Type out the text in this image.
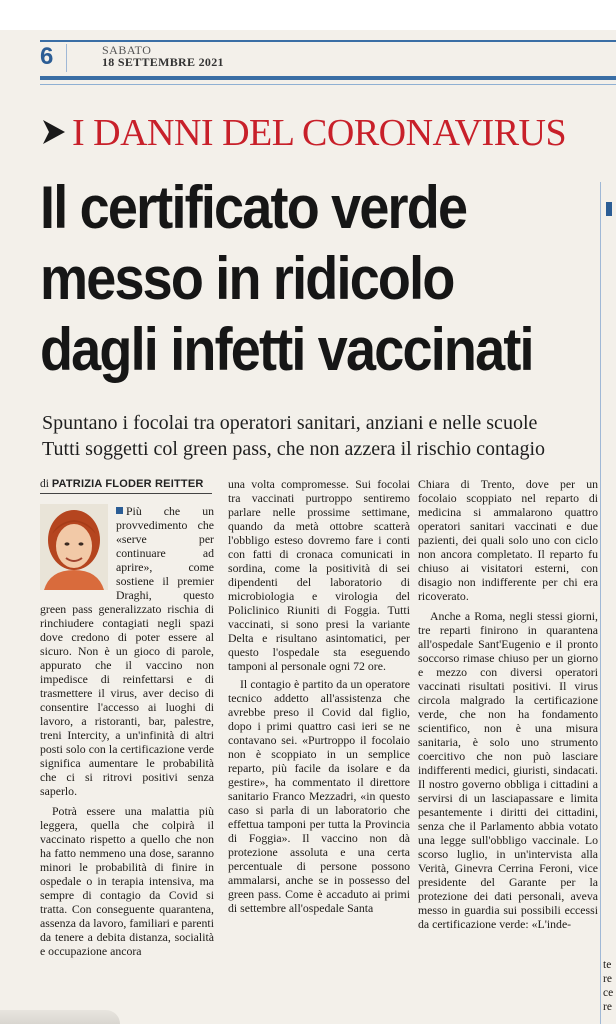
6	SABATO
18 SETTEMBRE 2021
I DANNI DEL CORONAVIRUS
Il certificato verde
messo in ridicolo
dagli infetti vaccinati
Spuntano i focolai tra operatori sanitari, anziani e nelle scuole
Tutti soggetti col green pass, che non azzera il rischio contagio
di PATRIZIA FLODER REITTER

Più che un provvedimento che «serve per continuare ad aprire», come sostiene il premier Draghi, questo green pass generalizzato rischia di rinchiudere contagiati negli spazi dove credono di poter essere al sicuro. Non è un gioco di parole, appurato che il vaccino non impedisce di reinfettarsi e di trasmettere il virus, aver deciso di consentire l'accesso ai luoghi di lavoro, a ristoranti, bar, palestre, treni Intercity, a un'infinità di altri posti solo con la certificazione verde significa aumentare le probabilità che ci si ritrovi positivi senza saperlo.

Potrà essere una malattia più leggera, quella che colpirà il vaccinato rispetto a quello che non ha fatto nemmeno una dose, saranno minori le probabilità di finire in ospedale o in terapia intensiva, ma sempre di contagio da Covid si tratta. Con conseguente quarantena, assenza da lavoro, familiari e parenti da tenere a debita distanza, socialità e occupazione ancora

una volta compromesse. Sui focolai tra vaccinati purtroppo sentiremo parlare nelle prossime settimane, quando da metà ottobre scatterà l'obbligo esteso dovremo fare i conti con fatti di cronaca comunicati in sordina, come la positività di sei dipendenti del laboratorio di microbiologia e virologia del Policlinico Riuniti di Foggia. Tutti vaccinati, si sono presi la variante Delta e risultano asintomatici, per questo l'ospedale sta eseguendo tamponi al personale ogni 72 ore.

Il contagio è partito da un operatore tecnico addetto all'assistenza che avrebbe preso il Covid dal figlio, dopo i primi quattro casi ieri se ne contavano sei. «Purtroppo il focolaio non è scoppiato in un semplice reparto, più facile da isolare e da gestire», ha commentato il direttore sanitario Franco Mezzadri, «in questo caso si parla di un laboratorio che effettua tamponi per tutta la Provincia di Foggia». Il vaccino non dà protezione assoluta e una certa percentuale di persone possono ammalarsi, anche se in possesso del green pass. Come è accaduto ai primi di settembre all'ospedale Santa

Chiara di Trento, dove per un focolaio scoppiato nel reparto di medicina si ammalarono quattro operatori sanitari vaccinati e due pazienti, dei quali solo uno con ciclo non ancora completato. Il reparto fu chiuso ai visitatori esterni, con disagio non indifferente per chi era ricoverato.

Anche a Roma, negli stessi giorni, tre reparti finirono in quarantena all'ospedale Sant'Eugenio e il pronto soccorso rimase chiuso per un giorno e mezzo con diversi operatori vaccinati risultati positivi. Il virus circola malgrado la certificazione verde, che non ha fondamento scientifico, non è una misura sanitaria, è solo uno strumento coercitivo che non può lasciare indifferenti medici, giuristi, sindacati. Il nostro governo obbliga i cittadini a servirsi di un lasciapassare e limita pesantemente i diritti dei cittadini, senza che il Parlamento abbia votato una legge sull'obbligo vaccinale. Lo scorso luglio, in un'intervista alla Verità, Ginevra Cerrina Feroni, vice presidente del Garante per la protezione dei dati personali, aveva messo in guardia sui possibili eccessi da certificazione verde: «L'inde-

te
re
ce
re
